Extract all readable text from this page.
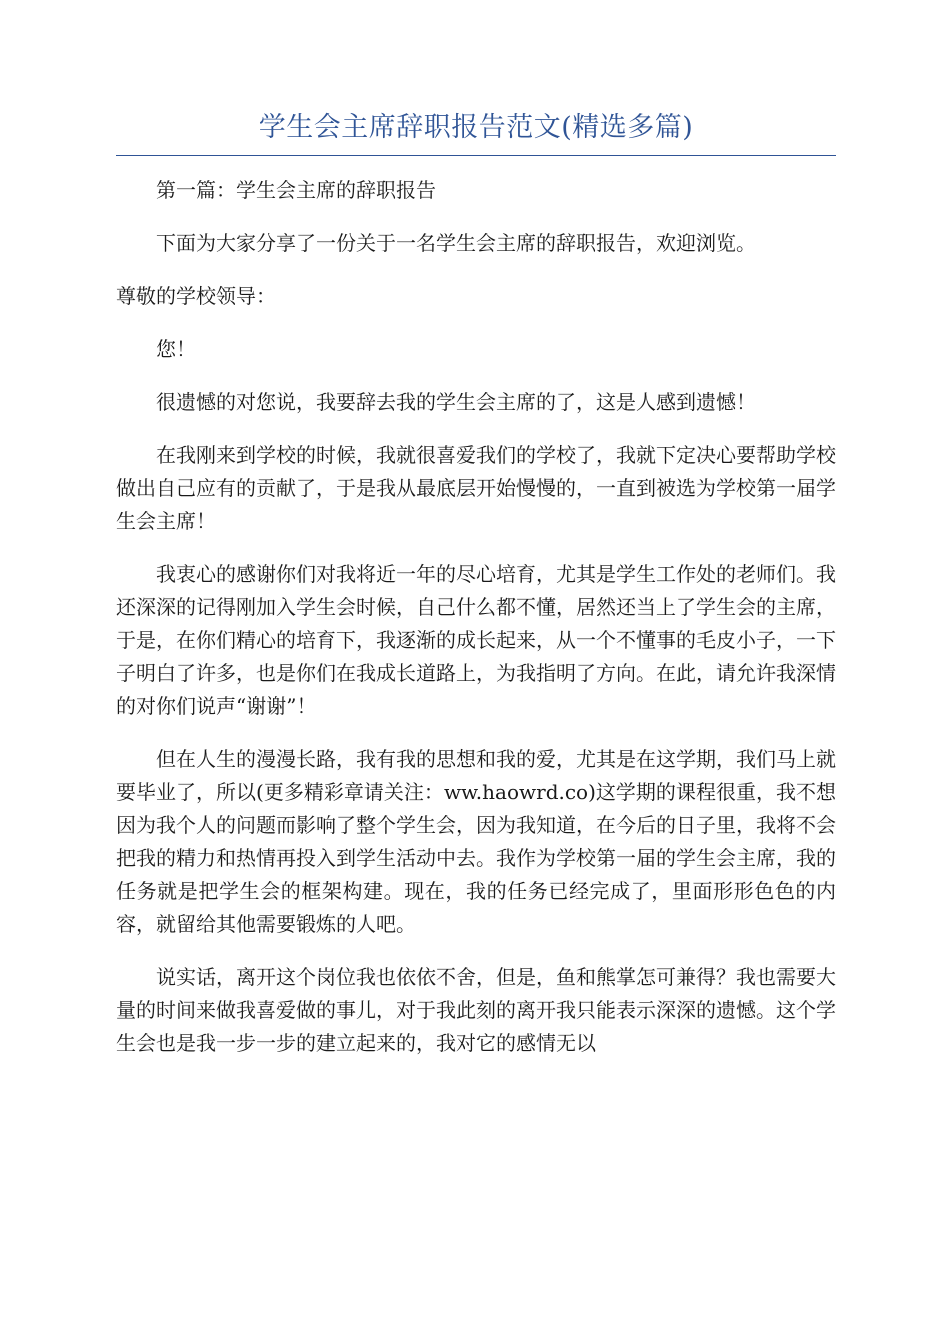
学生会主席辞职报告范文(精选多篇)

第一篇：学生会主席的辞职报告

下面为大家分享了一份关于一名学生会主席的辞职报告，欢迎浏览。

尊敬的学校领导：

您！

很遗憾的对您说，我要辞去我的学生会主席的了，这是人感到遗憾！

在我刚来到学校的时候，我就很喜爱我们的学校了，我就下定决心要帮助学校做出自己应有的贡献了，于是我从最底层开始慢慢的，一直到被选为学校第一届学生会主席！

我衷心的感谢你们对我将近一年的尽心培育，尤其是学生工作处的老师们。我还深深的记得刚加入学生会时候，自己什么都不懂，居然还当上了学生会的主席，于是，在你们精心的培育下，我逐渐的成长起来，从一个不懂事的毛皮小子，一下子明白了许多，也是你们在我成长道路上，为我指明了方向。在此，请允许我深情的对你们说声“谢谢”！

但在人生的漫漫长路，我有我的思想和我的爱，尤其是在这学期，我们马上就要毕业了，所以(更多精彩章请关注：ww.haowrd.co)这学期的课程很重，我不想因为我个人的问题而影响了整个学生会，因为我知道，在今后的日子里，我将不会把我的精力和热情再投入到学生活动中去。我作为学校第一届的学生会主席，我的任务就是把学生会的框架构建。现在，我的任务已经完成了，里面形形色色的内容，就留给其他需要锻炼的人吧。

说实话，离开这个岗位我也依依不舍，但是，鱼和熊掌怎可兼得？我也需要大量的时间来做我喜爱做的事儿，对于我此刻的离开我只能表示深深的遗憾。这个学生会也是我一步一步的建立起来的，我对它的感情无以
